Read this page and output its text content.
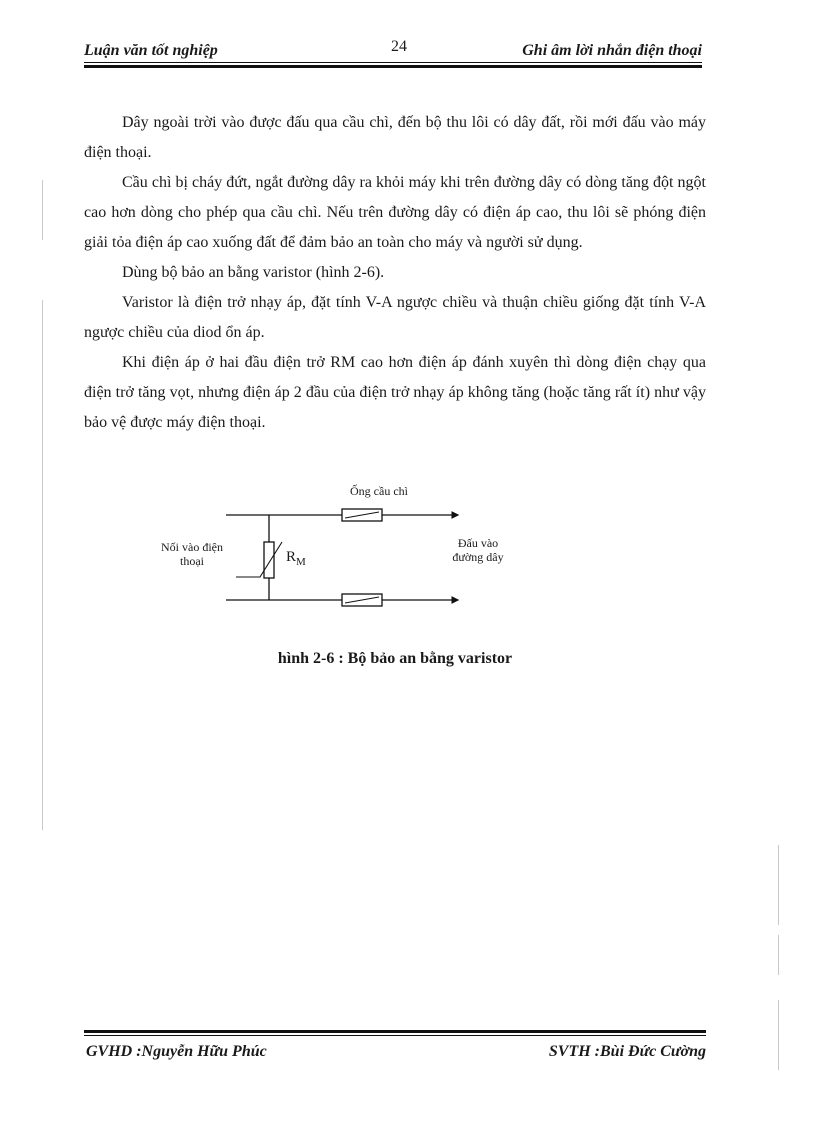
Luận văn tốt nghiệp	24	Ghi âm lời nhắn điện thoại

Dây ngoài trời vào được đấu qua cầu chì, đến bộ thu lôi có dây đất, rồi mới đấu vào máy điện thoại.

Cầu chì bị cháy đứt, ngắt đường dây ra khỏi máy khi trên đường dây có dòng tăng đột ngột cao hơn dòng cho phép qua cầu chì. Nếu trên đường dây có điện áp cao, thu lôi sẽ phóng điện giải tỏa điện áp cao xuống đất để đảm bảo an toàn cho máy và người sử dụng.

Dùng bộ bảo an bằng varistor (hình 2-6).

Varistor là điện trở nhạy áp, đặt tính V-A ngược chiều và thuận chiều giống đặt tính V-A ngược chiều của diod ổn áp.

Khi điện áp ở hai đầu điện trở RM cao hơn điện áp đánh xuyên thì dòng điện chạy qua điện trở tăng vọt, nhưng điện áp 2 đầu của điện trở nhạy áp không tăng (hoặc tăng rất ít) như vậy bảo vệ được máy điện thoại.

Ống cầu chì
Nối vào điện
thoại	$R_M$
Đấu vào
đường dây
hình 2-6 : Bộ bảo an bằng varistor
GVHD :Nguyễn Hữu Phúc	SVTH :Bùi Đức Cường
